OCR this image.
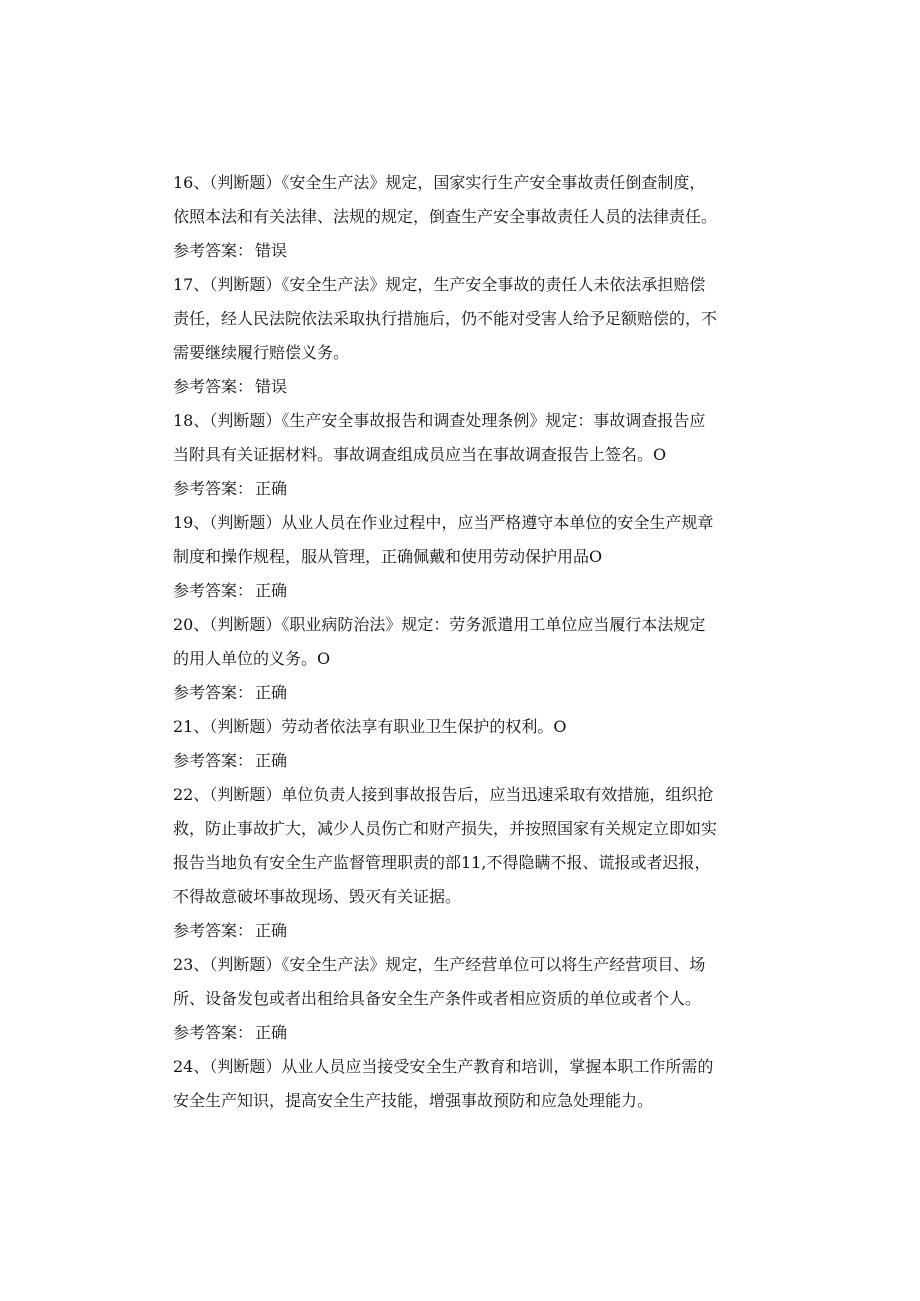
16、（判断题）《安全生产法》规定，国家实行生产安全事故责任倒查制度，
依照本法和有关法律、法规的规定，倒查生产安全事故责任人员的法律责任。
参考答案： 错误
17、（判断题）《安全生产法》规定，生产安全事故的责任人未依法承担赔偿
责任，经人民法院依法采取执行措施后，仍不能对受害人给予足额赔偿的，不
需要继续履行赔偿义务。
参考答案： 错误
18、（判断题）《生产安全事故报告和调查处理条例》规定：事故调查报告应
当附具有关证据材料。事故调查组成员应当在事故调查报告上签名。O
参考答案： 正确
19、（判断题）从业人员在作业过程中，应当严格遵守本单位的安全生产规章
制度和操作规程，服从管理，正确佩戴和使用劳动保护用品O
参考答案： 正确
20、（判断题）《职业病防治法》规定：劳务派遣用工单位应当履行本法规定
的用人单位的义务。O
参考答案： 正确
21、（判断题）劳动者依法享有职业卫生保护的权利。O
参考答案： 正确
22、（判断题）单位负责人接到事故报告后，应当迅速采取有效措施，组织抢
救，防止事故扩大，减少人员伤亡和财产损失，并按照国家有关规定立即如实
报告当地负有安全生产监督管理职责的部11,不得隐瞒不报、谎报或者迟报，
不得故意破坏事故现场、毁灭有关证据。
参考答案： 正确
23、（判断题）《安全生产法》规定，生产经营单位可以将生产经营项目、场
所、设备发包或者出租给具备安全生产条件或者相应资质的单位或者个人。
参考答案： 正确
24、（判断题）从业人员应当接受安全生产教育和培训，掌握本职工作所需的
安全生产知识，提高安全生产技能，增强事故预防和应急处理能力。
